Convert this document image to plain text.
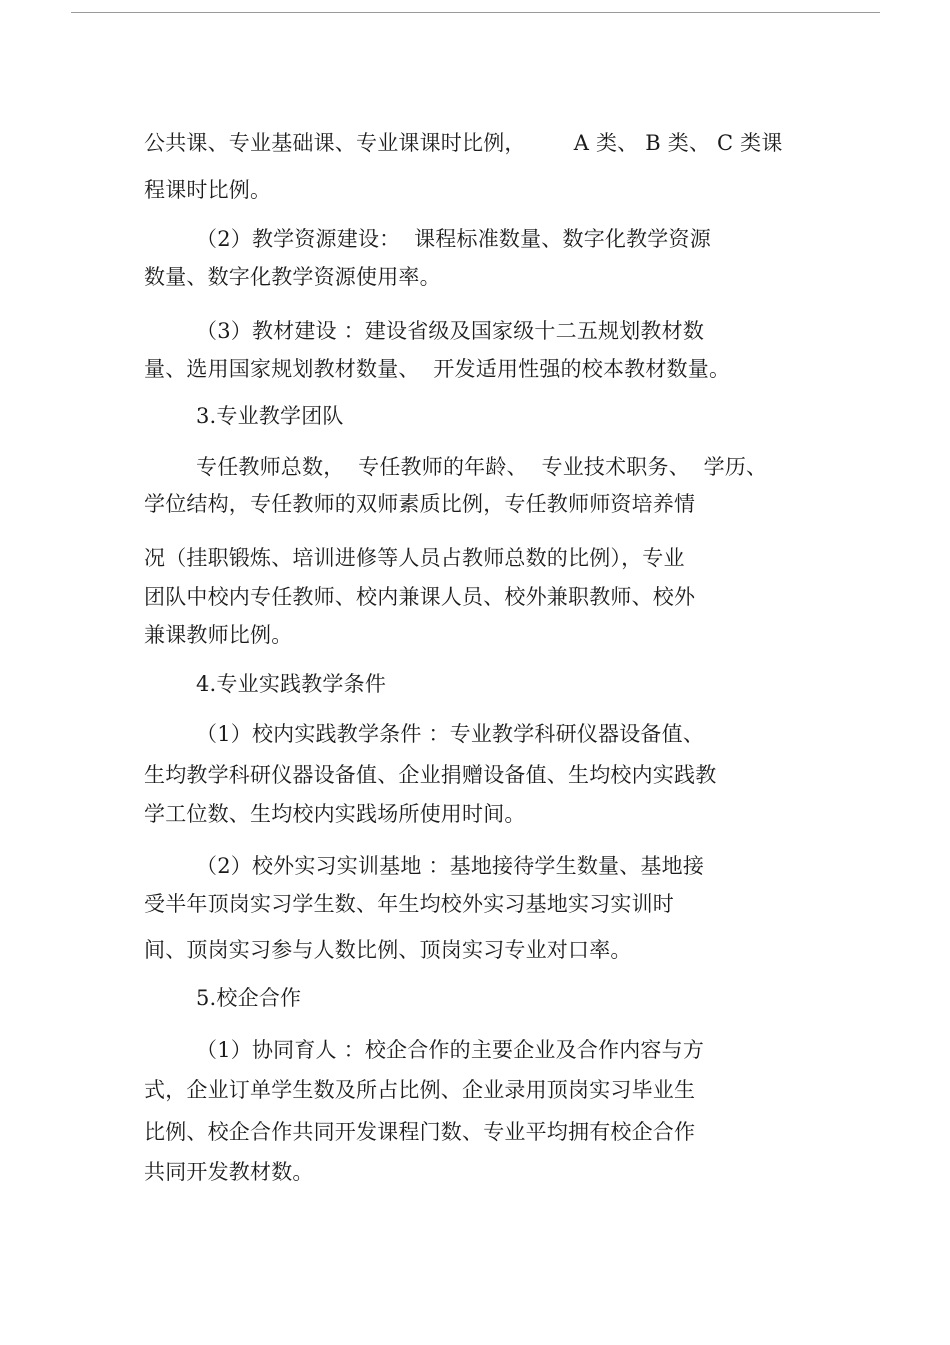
公共课、专业基础课、专业课课时比例，       A 类、 B 类、 C 类课
程课时比例。
（2）教学资源建设：  课程标准数量、数字化教学资源
数量、数字化教学资源使用率。
（3）教材建设 ：建设省级及国家级十二五规划教材数
量、选用国家规划教材数量、  开发适用性强的校本教材数量。
3.专业教学团队
专任教师总数，  专任教师的年龄、  专业技术职务、  学历、
学位结构，专任教师的双师素质比例，专任教师师资培养情
况（挂职锻炼、培训进修等人员占教师总数的比例），专业
团队中校内专任教师、校内兼课人员、校外兼职教师、校外
兼课教师比例。
4.专业实践教学条件
（1）校内实践教学条件 ：专业教学科研仪器设备值、
生均教学科研仪器设备值、企业捐赠设备值、生均校内实践教
学工位数、生均校内实践场所使用时间。
（2）校外实习实训基地 ：基地接待学生数量、基地接
受半年顶岗实习学生数、年生均校外实习基地实习实训时
间、顶岗实习参与人数比例、顶岗实习专业对口率。
5.校企合作
（1）协同育人 ：校企合作的主要企业及合作内容与方
式，企业订单学生数及所占比例、企业录用顶岗实习毕业生
比例、校企合作共同开发课程门数、专业平均拥有校企合作
共同开发教材数。
